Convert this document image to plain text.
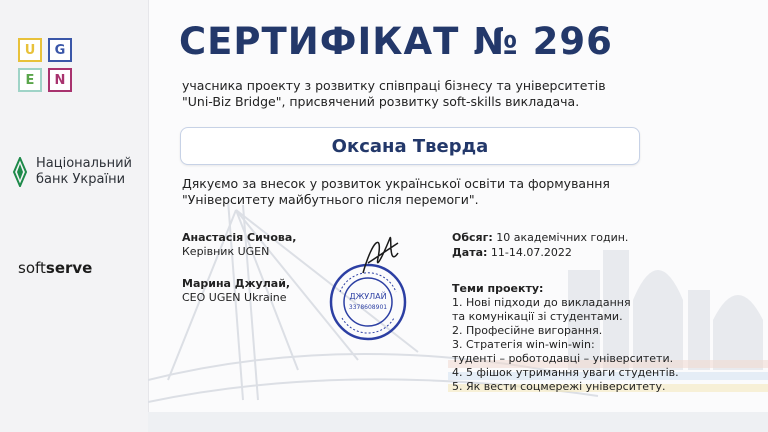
U	G
E	N
Національний
банк України
softserve
СЕРТИФІКАТ № 296
учасника проекту з розвитку співпраці бізнесу та університетів
"Uni-Biz Bridge", присвячений розвитку soft-skills викладача.
Оксана Тверда
Дякуємо за внесок у розвиток української освіти та формування
"Університету майбутнього після перемоги".
Анастасія Сичова,
Керівник UGEN
Марина Джулай,
CEO UGEN Ukraine	ДЖУЛАЙ
3378608901
Обсяг: 10 академічних годин.
Дата: 11-14.07.2022
Теми проекту:
1. Нові підходи до викладання
та комунікації зі студентами.
2. Професійне вигорання.
3. Стратегія win-win-win:
тудентi – роботодавці – університети.
4. 5 фішок утримання уваги студентів.
5. Як вести соцмережі університету.
